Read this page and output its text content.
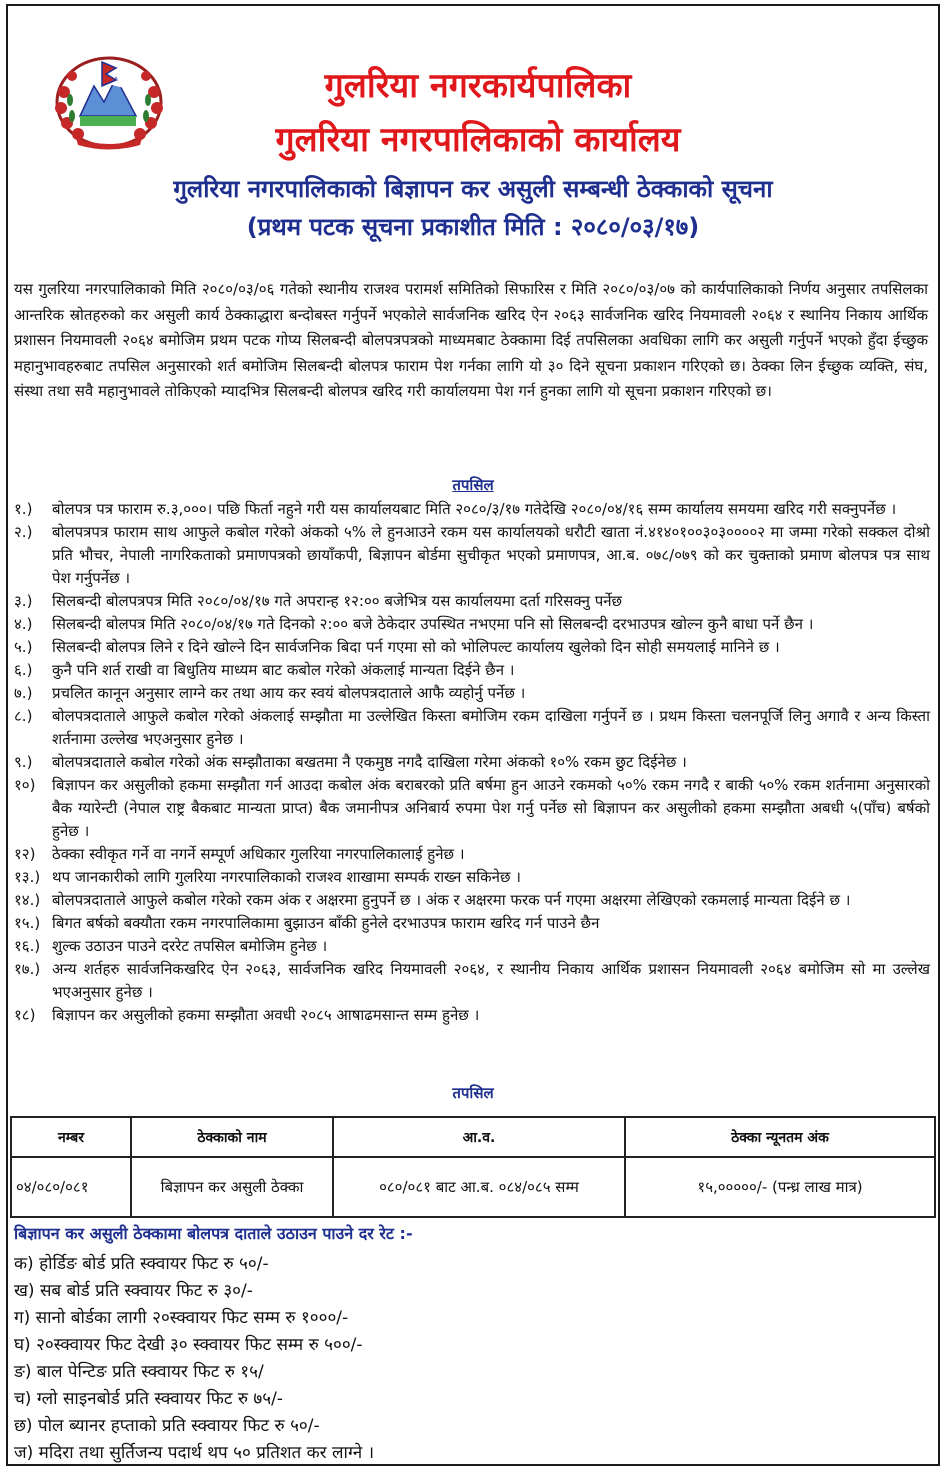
गुलरिया नगरकार्यपालिका
गुलरिया नगरपालिकाको कार्यालय
गुलरिया नगरपालिकाको बिज्ञापन कर असुली सम्बन्धी ठेक्काको सूचना
(प्रथम पटक सूचना प्रकाशीत मिति : २०८०/०३/१७)
यस गुलरिया नगरपालिकाको मिति २०८०/०३/०६ गतेको स्थानीय राजश्व परामर्श समितिको सिफारिस र मिति २०८०/०३/०७ को कार्यपालिकाको निर्णय अनुसार तपसिलका आन्तरिक स्रोतहरुको कर असुली कार्य ठेक्काद्धारा बन्दोबस्त गर्नुपर्ने भएकोले सार्वजनिक खरिद ऐन २०६३ सार्वजनिक खरिद नियमावली २०६४ र स्थानिय निकाय आर्थिक प्रशासन नियमावली २०६४ बमोजिम प्रथम पटक गोप्य सिलबन्दी बोलपत्रपत्रको माध्यमबाट ठेक्कामा दिई तपसिलका अवधिका लागि कर असुली गर्नुपर्ने भएको हुँदा ईच्छुक महानुभावहरुबाट तपसिल अनुसारको शर्त बमोजिम सिलबन्दी बोलपत्र फाराम पेश गर्नका लागि यो ३० दिने सूचना प्रकाशन गरिएको छ। ठेक्का लिन ईच्छुक व्यक्ति, संघ, संस्था तथा सवै महानुभावले तोकिएको म्यादभित्र सिलबन्दी बोलपत्र खरिद गरी कार्यालयमा पेश गर्न हुनका लागि यो सूचना प्रकाशन गरिएको छ।
तपसिल
१.)	बोलपत्र पत्र फाराम रु.३,०००। पछि फिर्ता नहुने गरी यस कार्यालयबाट मिति २०८०/३/१७ गतेदेखि २०८०/०४/१६ सम्म कार्यालय समयमा खरिद गरी सक्नुपर्नेछ ।
२.)	बोलपत्रपत्र फाराम साथ आफुले कबोल गरेको अंकको ५% ले हुनआउने रकम यस कार्यालयको धरौटी खाता नं.४१४०१००३०३००००२ मा जम्मा गरेको सक्कल दोश्रो प्रति भौचर, नेपाली नागरिकताको प्रमाणपत्रको छायाँकपी, बिज्ञापन बोर्डमा सुचीकृत भएको प्रमाणपत्र, आ.ब. ०७८/०७९ को कर चुक्ताको प्रमाण बोलपत्र पत्र साथ पेश गर्नुपर्नेछ ।
३.)	सिलबन्दी बोलपत्रपत्र मिति २०८०/०४/१७ गते अपरान्ह १२:०० बजेभित्र यस कार्यालयमा दर्ता गरिसक्नु पर्नेछ
४.)	सिलबन्दी बोलपत्र मिति २०८०/०४/१७ गते दिनको २:०० बजे ठेकेदार उपस्थित नभएमा पनि सो सिलबन्दी दरभाउपत्र खोल्न कुनै बाधा पर्ने छैन ।
५.)	सिलबन्दी बोलपत्र लिने र दिने खोल्ने दिन सार्वजनिक बिदा पर्न गएमा सो को भोलिपल्ट कार्यालय खुलेको दिन सोही समयलाई मानिने छ ।
६.)	कुनै पनि शर्त राखी वा बिधुतिय माध्यम बाट कबोल गरेको अंकलाई मान्यता दिईने छैन ।
७.)	प्रचलित कानून अनुसार लाग्ने कर तथा आय कर स्वयं बोलपत्रदाताले आफै व्यहोर्नु पर्नेछ ।
८.)	बोलपत्रदाताले आफुले कबोल गरेको अंकलाई सम्झौता मा उल्लेखित किस्ता बमोजिम रकम दाखिला गर्नुपर्ने छ । प्रथम किस्ता चलनपूर्जि लिनु अगावै र अन्य किस्ता शर्तनामा उल्लेख भएअनुसार हुनेछ ।
९.)	बोलपत्रदाताले कबोल गरेको अंक सम्झौताका बखतमा नै एकमुष्ठ नगदै दाखिला गरेमा अंकको १०% रकम छुट दिईनेछ ।
१०)	बिज्ञापन कर असुलीको हकमा सम्झौता गर्न आउदा कबोल अंक बराबरको प्रति बर्षमा हुन आउने रकमको ५०% रकम नगदै र बाकी ५०% रकम शर्तनामा अनुसारको बैक ग्यारेन्टी (नेपाल राष्ट्र बैकबाट मान्यता प्राप्त) बैक जमानीपत्र अनिबार्य रुपमा पेश गर्नु पर्नेछ सो बिज्ञापन कर असुलीको हकमा सम्झौता अबधी ५(पाँच) बर्षको हुनेछ ।
१२)	ठेक्का स्वीकृत गर्ने वा नगर्ने सम्पूर्ण अधिकार गुलरिया नगरपालिकालाई हुनेछ ।
१३.) थप जानकारीको लागि गुलरिया नगरपालिकाको राजश्व शाखामा सम्पर्क राख्न सकिनेछ ।
१४.) बोलपत्रदाताले आफुले कबोल गरेको रकम अंक र अक्षरमा हुनुपर्ने छ । अंक र अक्षरमा फरक पर्न गएमा अक्षरमा लेखिएको रकमलाई मान्यता दिईने छ ।
१५.) बिगत बर्षको बक्यौता रकम नगरपालिकामा बुझाउन बाँकी हुनेले दरभाउपत्र फाराम खरिद गर्न पाउने छैन
१६.) शुल्क उठाउन पाउने दररेट तपसिल बमोजिम हुनेछ ।
१७.) अन्य शर्तहरु सार्वजनिकखरिद ऐन २०६३, सार्वजनिक खरिद नियमावली २०६४, र स्थानीय निकाय आर्थिक प्रशासन नियमावली २०६४ बमोजिम सो मा उल्लेख भएअनुसार हुनेछ ।
१८)	बिज्ञापन कर असुलीको हकमा सम्झौता अवधी २०८५ आषाढमसान्त सम्म हुनेछ ।
तपसिल
नम्बर	ठेक्काको नाम	आ.व.	ठेक्का न्यूनतम अंक
०४/०८०/०८१	बिज्ञापन कर असुली ठेक्का	०८०/०८१ बाट आ.ब. ०८४/०८५ सम्म	१५,०००००/- (पन्ध्र लाख मात्र)
बिज्ञापन कर असुली ठेक्कामा बोलपत्र दाताले उठाउन पाउने दर रेट :-
क) होर्डिङ बोर्ड प्रति स्क्वायर फिट रु ५०/-
ख) सब बोर्ड प्रति स्क्वायर फिट रु ३०/-
ग) सानो बोर्डका लागी २०स्क्वायर फिट सम्म रु १०००/-
घ) २०स्क्वायर फिट देखी ३० स्क्वायर फिट सम्म रु ५००/-
ङ) बाल पेन्टिङ प्रति स्क्वायर फिट रु १५/
च) ग्लो साइनबोर्ड प्रति स्क्वायर फिट रु ७५/-
छ) पोल ब्यानर हप्ताको प्रति स्क्वायर फिट रु ५०/-
ज) मदिरा तथा सुर्तिजन्य पदार्थ थप ५० प्रतिशत कर लाग्ने ।
